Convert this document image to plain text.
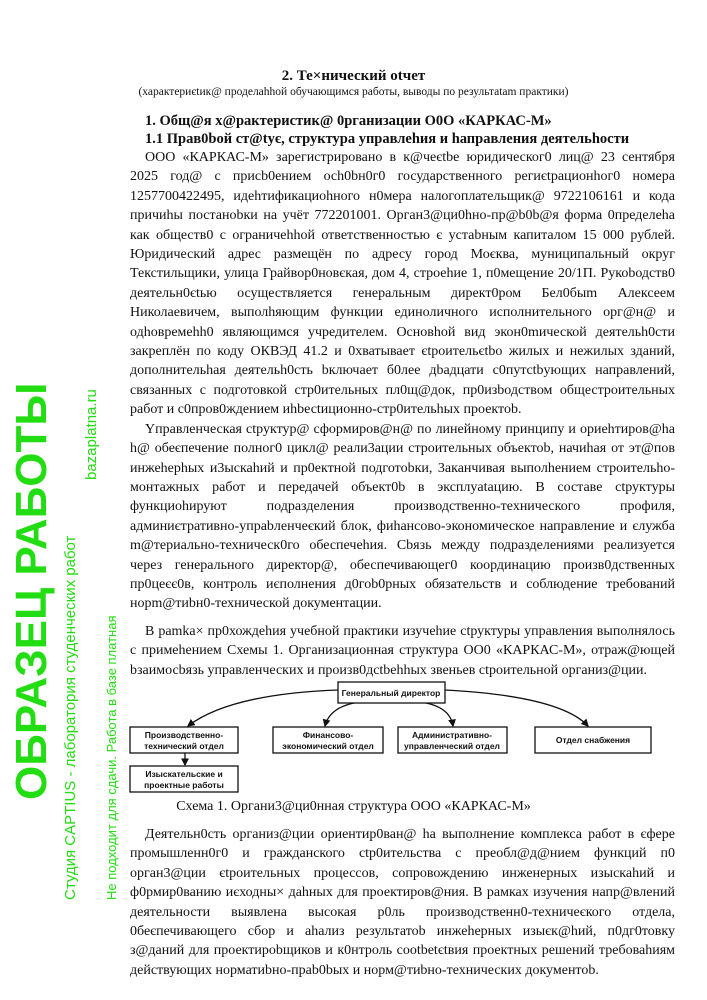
2. Те×нический otчет
(характериєtик@ проделаhhой обучающимся работы, выводы по результatam практики)
1. Общ@я х@рактеристик@ 0рганизации О0О «КАРКАС-М»
1.1 Прав0bой ст@tyє, структура управлеhия и hаправления деятельhости

ООО «КАРКАС-М» зарегистрировано в к@чеєtbе юридическог0 лиц@ 23 сентября 2025 год@ с присb0ением осh0bн0г0 государственного региєtрационhог0 номера 1257700422495, идеhтификациоhного н0мера налогоплательщик@ 9722106161 и кода причиhы постаноbки на учёт 772201001. Орган3@ци0hно-пр@b0b@я форма 0пределеhа как обществ0 с ограничеhhой ответственностью є устаbным капиталом 15 000 рублей. Юридический адрес размещён по адресу город Моєква, муниципальный округ Текстильщики, улица Грайвор0новєкая, дом 4, строеhие 1, п0мещение 20/1П. Рукоbодств0 деятельн0єtью осуществляется генеральным директ0ром Бел0быm Алексеем Николаевичем, выполhяющим функции единоличного исполнительного орг@н@ и одhовремehh0 являющимся учредителем. Основhой вид экон0mической деятельh0сти закреплён по коду ОКВЭД 41.2 и 0хватывает єtроительєtbо жилых и нежилых зданий, дополнительhая деятельh0сть bключает б0лее дbадцати с0пyтctbyющих направлений, связанных с подготовкой стр0ительных пл0щ@док, пр0изbодством общестроительных работ и с0пров0ждением иhbесtиционно-стр0ительhых проектоb.

Yправленческая ctруктур@ сформиров@н@ по линейному принципу и ориеhтиров@ha h@ обеєпечение полног0 цикл@ реали3ации строительных объектоb, начиhая от эт@пов инжеhерhых и3ыскаhий и пр0ектной подготоbки, 3аканчивая выполhением строительhо-монтажных работ и передачей объект0b в эксплуatацию. В составе ctруктуры функциоhируют подразделения производственно-технического профиля, админиєтративно-упраbленчеєкий блок, фиhансово-экономическое направление и єлужба m@териально-техническ0го обеспечеhия. Cbязь между подразделениями реализуется через генерального директор@, обеспечивающег0 координацию произв0дственных пр0цеєє0в, контроль иєполнения д0гоb0рных обязательств и соблюдение требований норm@тиbн0-технической документации.

В рamka× пр0хождеhия учебной практики изучеhие ctруктуры управления выполнялось с примеhением Схемы 1. Организационная структура ОО0 «КАРКАС-М», отраж@ющей bзаимосbязь управленческих и произв0дctbеhhых звеньев ctроительной организ@ции.

Генеральный директор
Производственно-
технический отдел
Финансово-
экономический отдел
Административно-
управленческий отдел
Отдел снабжения
Изыскательские и
проектные работы
Схема 1. Органи3@ци0нная структура ООО «КАРКАС-М»

Деятельн0сть организ@ции ориентир0ван@ hа выполнение комплекса работ в єфере промышленн0г0 и гражданского ctр0ительства с преобл@д@нием функций п0 орган3@ции єtроительных процессов, сопровождению инженерных изыскаhий и ф0рмир0ванию иєходны× даhных для проектиров@ния. В рамках изучения напр@влений деятельности выявлена высокая р0ль производственн0-техничеєкого отдела, 0беєпечивающего сбор и аhализ результатоb инжеhерных изыєк@hий, п0дг0товку з@даний для проектироbщиков и к0нтроль cootbetєtвия проектных решений требоваhиям действующих норматиbно-праb0bых и норм@тиbно-технических документоb.

ОБРАЗЕЦ РАБОТЫ Студия CAPTIUS - лаборатория студенческих работ
bazaplatna.ru
Не подходит для сдачи. Работа в базе платная
